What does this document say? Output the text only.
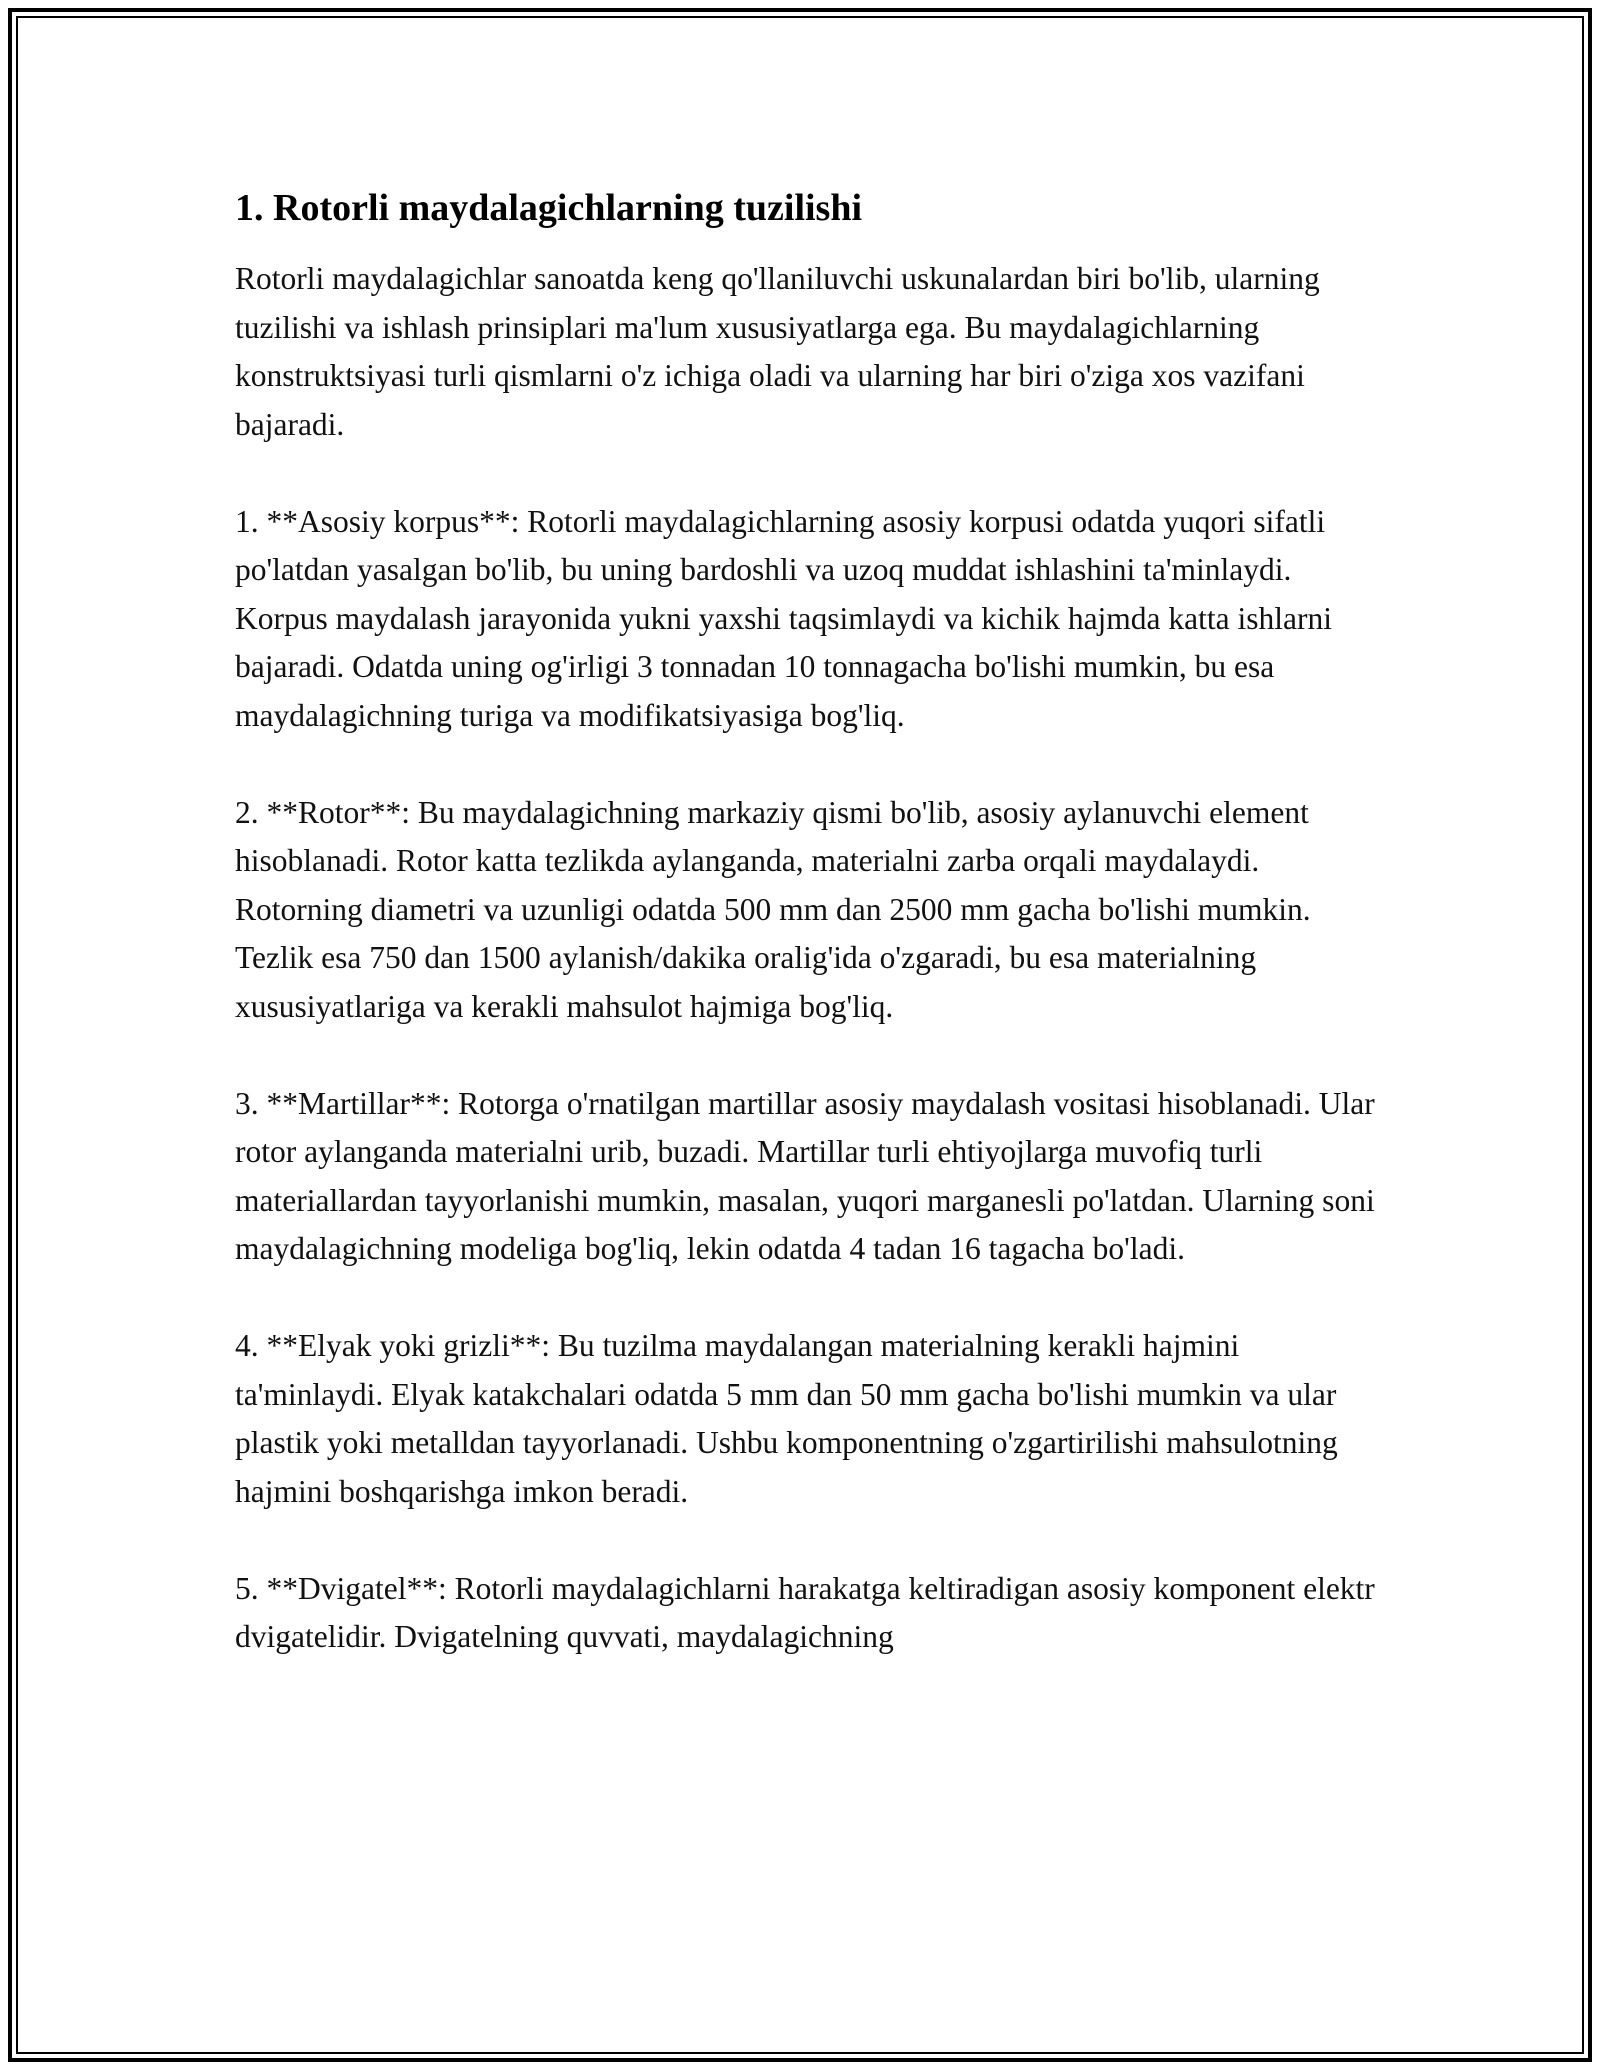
1. Rotorli maydalagichlarning tuzilishi

Rotorli maydalagichlar sanoatda keng qo'llaniluvchi uskunalardan biri bo'lib, ularning tuzilishi va ishlash prinsiplari ma'lum xususiyatlarga ega. Bu maydalagichlarning konstruktsiyasi turli qismlarni o'z ichiga oladi va ularning har biri o'ziga xos vazifani bajaradi.

1. **Asosiy korpus**: Rotorli maydalagichlarning asosiy korpusi odatda yuqori sifatli po'latdan yasalgan bo'lib, bu uning bardoshli va uzoq muddat ishlashini ta'minlaydi. Korpus maydalash jarayonida yukni yaxshi taqsimlaydi va kichik hajmda katta ishlarni bajaradi. Odatda uning og'irligi 3 tonnadan 10 tonnagacha bo'lishi mumkin, bu esa maydalagichning turiga va modifikatsiyasiga bog'liq.

2. **Rotor**: Bu maydalagichning markaziy qismi bo'lib, asosiy aylanuvchi element hisoblanadi. Rotor katta tezlikda aylanganda, materialni zarba orqali maydalaydi. Rotorning diametri va uzunligi odatda 500 mm dan 2500 mm gacha bo'lishi mumkin. Tezlik esa 750 dan 1500 aylanish/dakika oralig'ida o'zgaradi, bu esa materialning xususiyatlariga va kerakli mahsulot hajmiga bog'liq.

3. **Martillar**: Rotorga o'rnatilgan martillar asosiy maydalash vositasi hisoblanadi. Ular rotor aylanganda materialni urib, buzadi. Martillar turli ehtiyojlarga muvofiq turli materiallardan tayyorlanishi mumkin, masalan, yuqori marganesli po'latdan. Ularning soni maydalagichning modeliga bog'liq, lekin odatda 4 tadan 16 tagacha bo'ladi.

4. **Elyak yoki grizli**: Bu tuzilma maydalangan materialning kerakli hajmini ta'minlaydi. Elyak katakchalari odatda 5 mm dan 50 mm gacha bo'lishi mumkin va ular plastik yoki metalldan tayyorlanadi. Ushbu komponentning o'zgartirilishi mahsulotning hajmini boshqarishga imkon beradi.

5. **Dvigatel**: Rotorli maydalagichlarni harakatga keltiradigan asosiy komponent elektr dvigatelidir. Dvigatelning quvvati, maydalagichning
